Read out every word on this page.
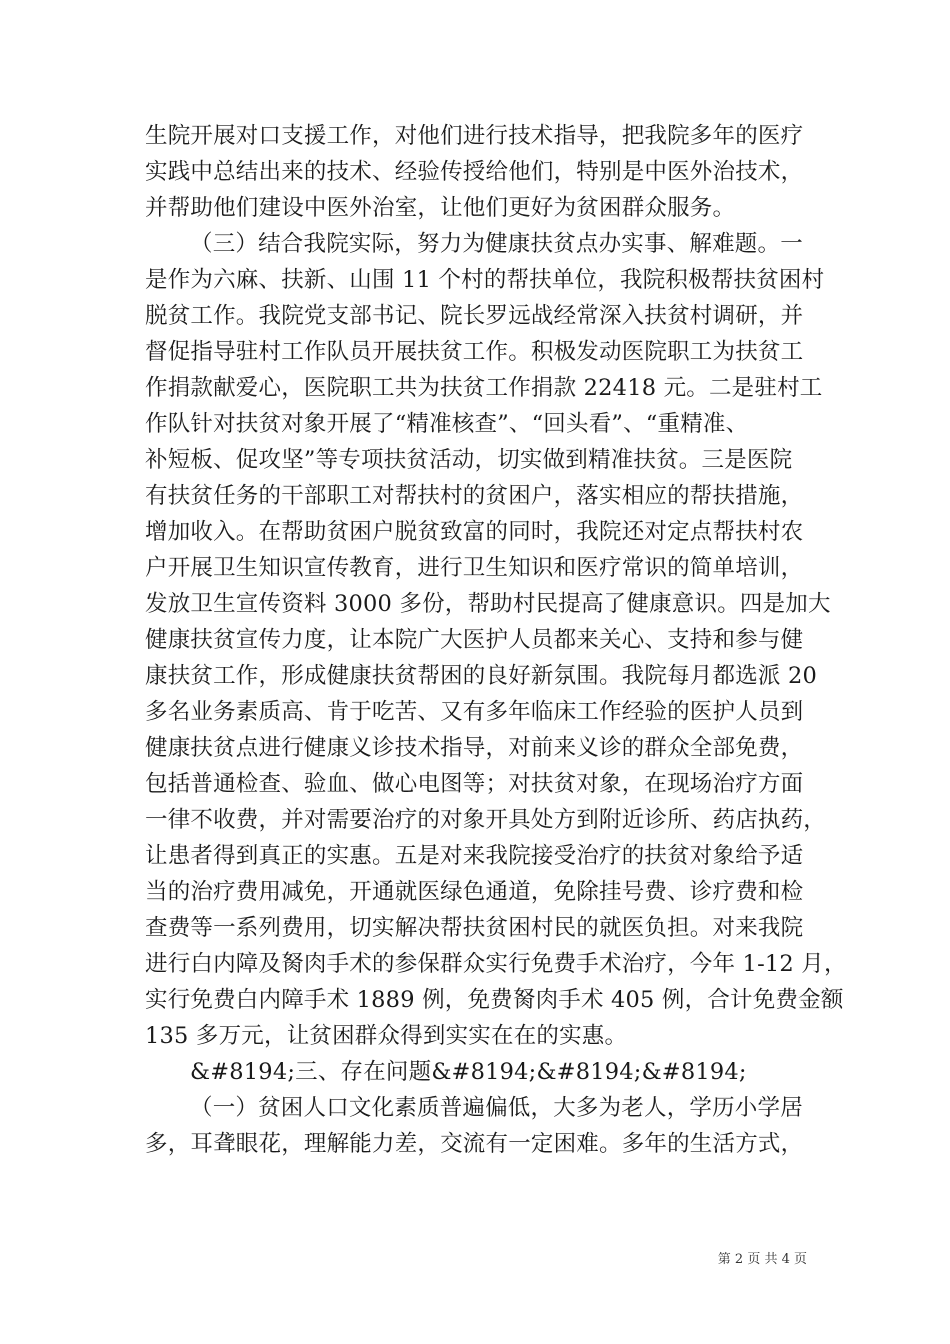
生院开展对口支援工作，对他们进行技术指导，把我院多年的医疗
实践中总结出来的技术、经验传授给他们，特别是中医外治技术，
并帮助他们建设中医外治室，让他们更好为贫困群众服务。
（三）结合我院实际，努力为健康扶贫点办实事、解难题。一
是作为六麻、扶新、山围 11 个村的帮扶单位，我院积极帮扶贫困村
脱贫工作。我院党支部书记、院长罗远战经常深入扶贫村调研，并
督促指导驻村工作队员开展扶贫工作。积极发动医院职工为扶贫工
作捐款献爱心，医院职工共为扶贫工作捐款 22418 元。二是驻村工
作队针对扶贫对象开展了“精准核查”、“回头看”、“重精准、
补短板、促攻坚”等专项扶贫活动，切实做到精准扶贫。三是医院
有扶贫任务的干部职工对帮扶村的贫困户，落实相应的帮扶措施，
增加收入。在帮助贫困户脱贫致富的同时，我院还对定点帮扶村农
户开展卫生知识宣传教育，进行卫生知识和医疗常识的简单培训，
发放卫生宣传资料 3000 多份，帮助村民提高了健康意识。四是加大
健康扶贫宣传力度，让本院广大医护人员都来关心、支持和参与健
康扶贫工作，形成健康扶贫帮困的良好新氛围。我院每月都选派 20
多名业务素质高、肯于吃苦、又有多年临床工作经验的医护人员到
健康扶贫点进行健康义诊技术指导，对前来义诊的群众全部免费，
包括普通检查、验血、做心电图等；对扶贫对象，在现场治疗方面
一律不收费，并对需要治疗的对象开具处方到附近诊所、药店执药，
让患者得到真正的实惠。五是对来我院接受治疗的扶贫对象给予适
当的治疗费用减免，开通就医绿色通道，免除挂号费、诊疗费和检
查费等一系列费用，切实解决帮扶贫困村民的就医负担。对来我院
进行白内障及胬肉手术的参保群众实行免费手术治疗，今年 1-12 月，
实行免费白内障手术 1889 例，免费胬肉手术 405 例，合计免费金额
135 多万元，让贫困群众得到实实在在的实惠。
&#8194;三、存在问题&#8194;&#8194;&#8194;
（一）贫困人口文化素质普遍偏低，大多为老人，学历小学居
多，耳聋眼花，理解能力差，交流有一定困难。多年的生活方式，
第 2 页 共 4 页
